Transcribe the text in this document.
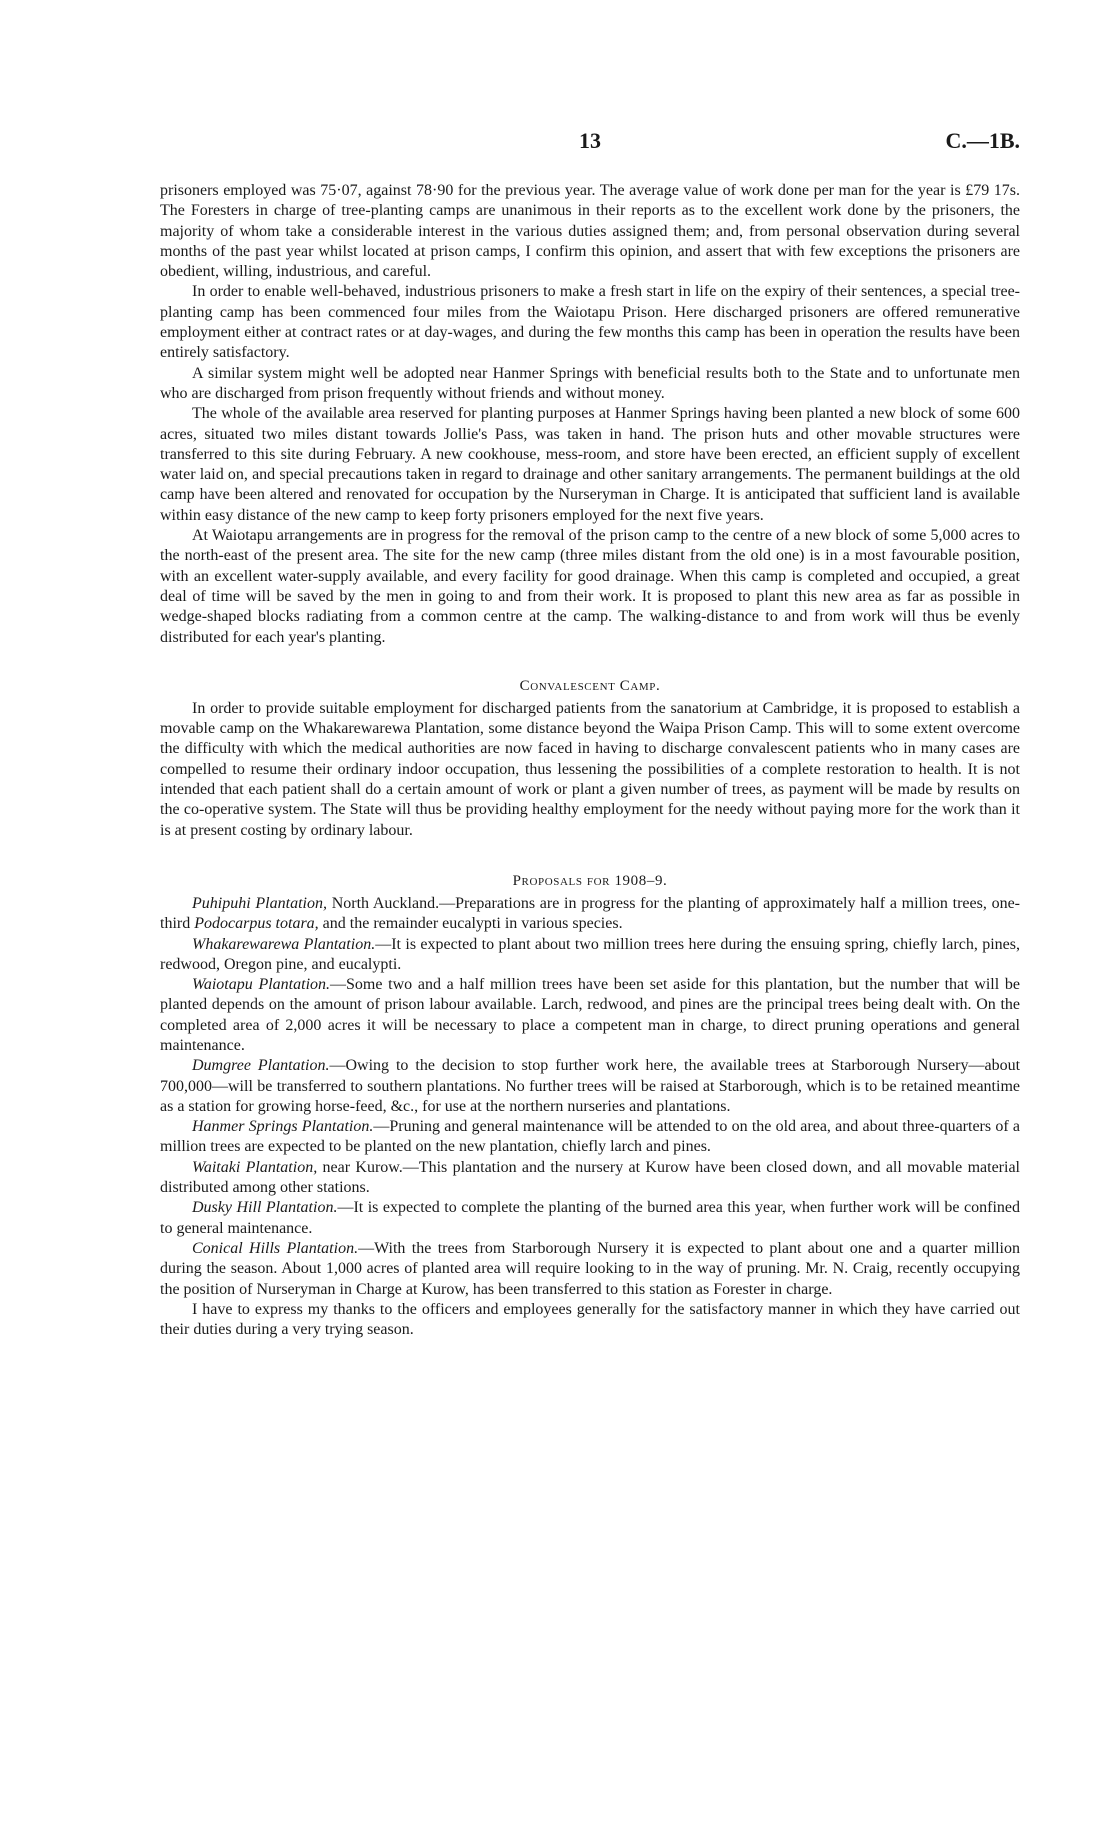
13	C.—1B.

prisoners employed was 75·07, against 78·90 for the previous year. The average value of work done per man for the year is £79 17s. The Foresters in charge of tree-planting camps are unanimous in their reports as to the excellent work done by the prisoners, the majority of whom take a considerable interest in the various duties assigned them; and, from personal observation during several months of the past year whilst located at prison camps, I confirm this opinion, and assert that with few exceptions the prisoners are obedient, willing, industrious, and careful.

In order to enable well-behaved, industrious prisoners to make a fresh start in life on the expiry of their sentences, a special tree-planting camp has been commenced four miles from the Waiotapu Prison. Here discharged prisoners are offered remunerative employment either at contract rates or at day-wages, and during the few months this camp has been in operation the results have been entirely satisfactory.

A similar system might well be adopted near Hanmer Springs with beneficial results both to the State and to unfortunate men who are discharged from prison frequently without friends and without money.

The whole of the available area reserved for planting purposes at Hanmer Springs having been planted a new block of some 600 acres, situated two miles distant towards Jollie's Pass, was taken in hand. The prison huts and other movable structures were transferred to this site during February. A new cookhouse, mess-room, and store have been erected, an efficient supply of excellent water laid on, and special precautions taken in regard to drainage and other sanitary arrangements. The permanent buildings at the old camp have been altered and renovated for occupation by the Nurseryman in Charge. It is anticipated that sufficient land is available within easy distance of the new camp to keep forty prisoners employed for the next five years.

At Waiotapu arrangements are in progress for the removal of the prison camp to the centre of a new block of some 5,000 acres to the north-east of the present area. The site for the new camp (three miles distant from the old one) is in a most favourable position, with an excellent water-supply available, and every facility for good drainage. When this camp is completed and occupied, a great deal of time will be saved by the men in going to and from their work. It is proposed to plant this new area as far as possible in wedge-shaped blocks radiating from a common centre at the camp. The walking-distance to and from work will thus be evenly distributed for each year's planting.

Convalescent Camp.

In order to provide suitable employment for discharged patients from the sanatorium at Cambridge, it is proposed to establish a movable camp on the Whakarewarewa Plantation, some distance beyond the Waipa Prison Camp. This will to some extent overcome the difficulty with which the medical authorities are now faced in having to discharge convalescent patients who in many cases are compelled to resume their ordinary indoor occupation, thus lessening the possibilities of a complete restoration to health. It is not intended that each patient shall do a certain amount of work or plant a given number of trees, as payment will be made by results on the co-operative system. The State will thus be providing healthy employment for the needy without paying more for the work than it is at present costing by ordinary labour.

Proposals for 1908–9.

Puhipuhi Plantation, North Auckland.—Preparations are in progress for the planting of approximately half a million trees, one-third Podocarpus totara, and the remainder eucalypti in various species.

Whakarewarewa Plantation.—It is expected to plant about two million trees here during the ensuing spring, chiefly larch, pines, redwood, Oregon pine, and eucalypti.

Waiotapu Plantation.—Some two and a half million trees have been set aside for this plantation, but the number that will be planted depends on the amount of prison labour available. Larch, redwood, and pines are the principal trees being dealt with. On the completed area of 2,000 acres it will be necessary to place a competent man in charge, to direct pruning operations and general maintenance.

Dumgree Plantation.—Owing to the decision to stop further work here, the available trees at Starborough Nursery—about 700,000—will be transferred to southern plantations. No further trees will be raised at Starborough, which is to be retained meantime as a station for growing horse-feed, &c., for use at the northern nurseries and plantations.

Hanmer Springs Plantation.—Pruning and general maintenance will be attended to on the old area, and about three-quarters of a million trees are expected to be planted on the new plantation, chiefly larch and pines.

Waitaki Plantation, near Kurow.—This plantation and the nursery at Kurow have been closed down, and all movable material distributed among other stations.

Dusky Hill Plantation.—It is expected to complete the planting of the burned area this year, when further work will be confined to general maintenance.

Conical Hills Plantation.—With the trees from Starborough Nursery it is expected to plant about one and a quarter million during the season. About 1,000 acres of planted area will require looking to in the way of pruning. Mr. N. Craig, recently occupying the position of Nurseryman in Charge at Kurow, has been transferred to this station as Forester in charge.

I have to express my thanks to the officers and employees generally for the satisfactory manner in which they have carried out their duties during a very trying season.
